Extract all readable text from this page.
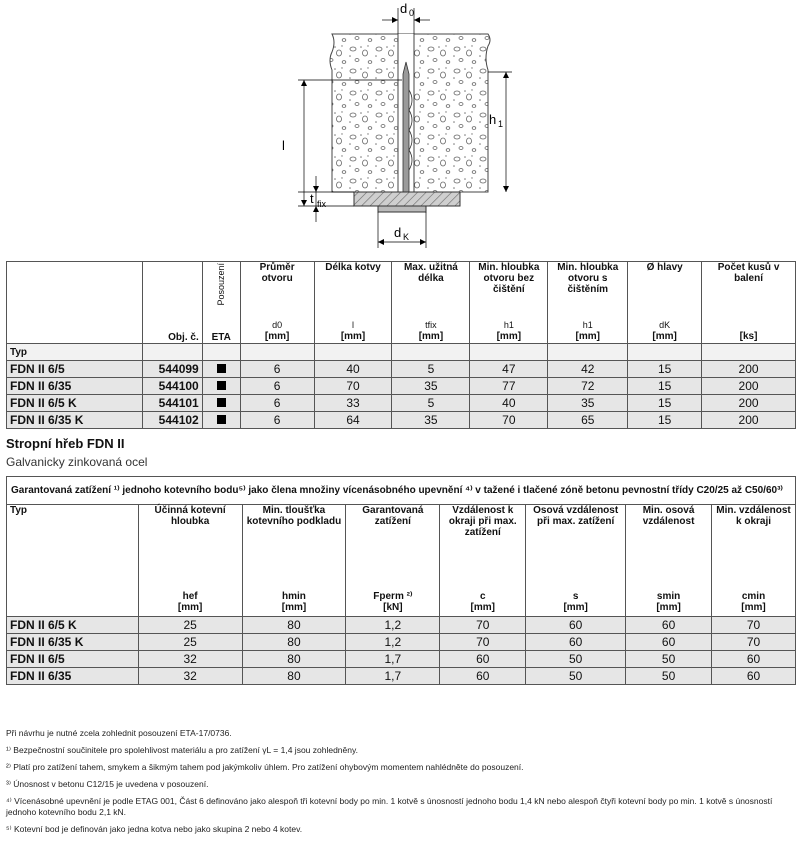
d 0
h 1
l
t fix
d K
	Obj. č.	Posouzení
ETA	Průměr otvoru
d0
[mm]	Délka kotvy
l
[mm]	Max. užitná délka
tfix
[mm]	Min. hloubka otvoru bez čištění
h1
[mm]	Min. hloubka otvoru s čištěním
h1
[mm]	Ø hlavy
dK
[mm]	Počet kusů v balení
[ks]

Typ									
FDN II 6/5	544099		6	40	5	47	42	15	200
FDN II 6/35	544100		6	70	35	77	72	15	200
FDN II 6/5 K	544101		6	33	5	40	35	15	200
FDN II 6/35 K	544102		6	64	35	70	65	15	200
Stropní hřeb FDN II
Galvanicky zinkovaná ocel
Garantovaná zatížení ¹⁾ jednoho kotevního bodu⁵⁾ jako člena množiny vícenásobného upevnění ⁴⁾ v tažené i tlačené zóně betonu pevnostní třídy C20/25 až C50/60³⁾							
Typ	Účinná kotevní hloubka
hef
[mm]	Min. tloušťka kotevního podkladu
hmin
[mm]	Garantovaná zatížení
Fperm ²⁾
[kN]	Vzdálenost k okraji při max. zatížení
c
[mm]	Osová vzdálenost při max. zatížení
s
[mm]	Min. osová vzdálenost
smin
[mm]	Min. vzdálenost k okraji
cmin
[mm]

FDN II 6/5 K	25	80	1,2	70	60	60	70
FDN II 6/35 K	25	80	1,2	70	60	60	70
FDN II 6/5	32	80	1,7	60	50	50	60
FDN II 6/35	32	80	1,7	60	50	50	60

Při návrhu je nutné zcela zohlednit posouzení ETA-17/0736.

¹⁾ Bezpečnostní součinitele pro spolehlivost materiálu a pro zatížení γL = 1,4 jsou zohledněny.

²⁾ Platí pro zatížení tahem, smykem a šikmým tahem pod jakýmkoliv úhlem. Pro zatížení ohybovým momentem nahlédněte do posouzení.

³⁾ Únosnost v betonu C12/15 je uvedena v posouzení.

⁴⁾ Vícenásobné upevnění je podle ETAG 001, Část 6 definováno jako alespoň tři kotevní body po min. 1 kotvě s únosností jednoho bodu 1,4 kN nebo alespoň čtyři kotevní body po min. 1 kotvě s únosností jednoho kotevního bodu 2,1 kN.

⁵⁾ Kotevní bod je definován jako jedna kotva nebo jako skupina 2 nebo 4 kotev.
